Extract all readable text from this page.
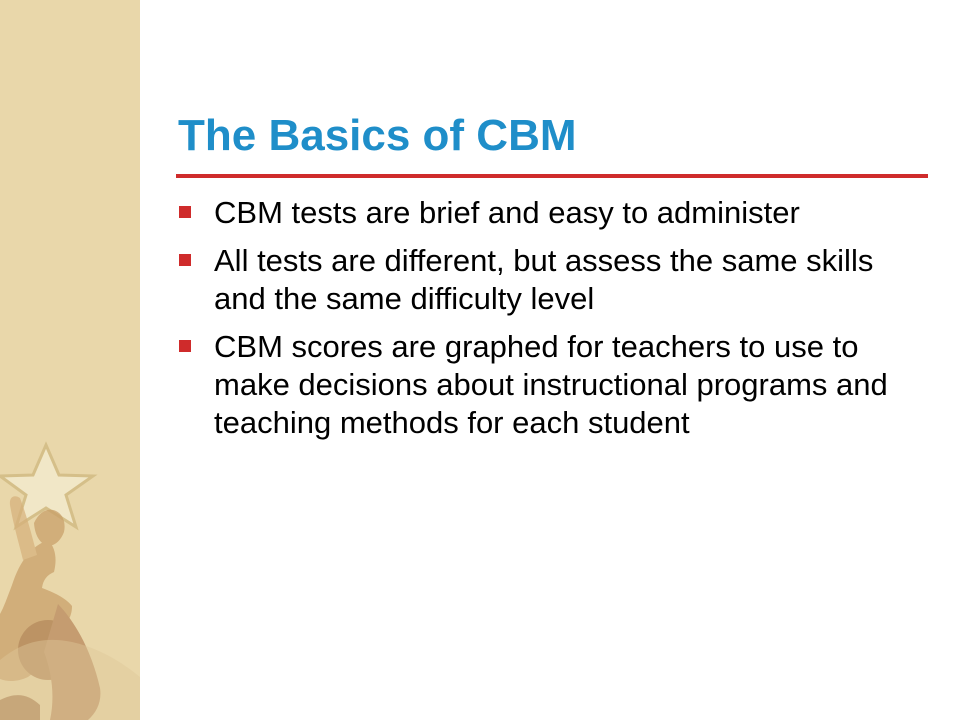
The Basics of CBM
CBM tests are brief and easy to administer
All tests are different, but assess the same skills and the same difficulty level
CBM scores are graphed for teachers to use to make decisions about instructional programs and teaching methods for each student
